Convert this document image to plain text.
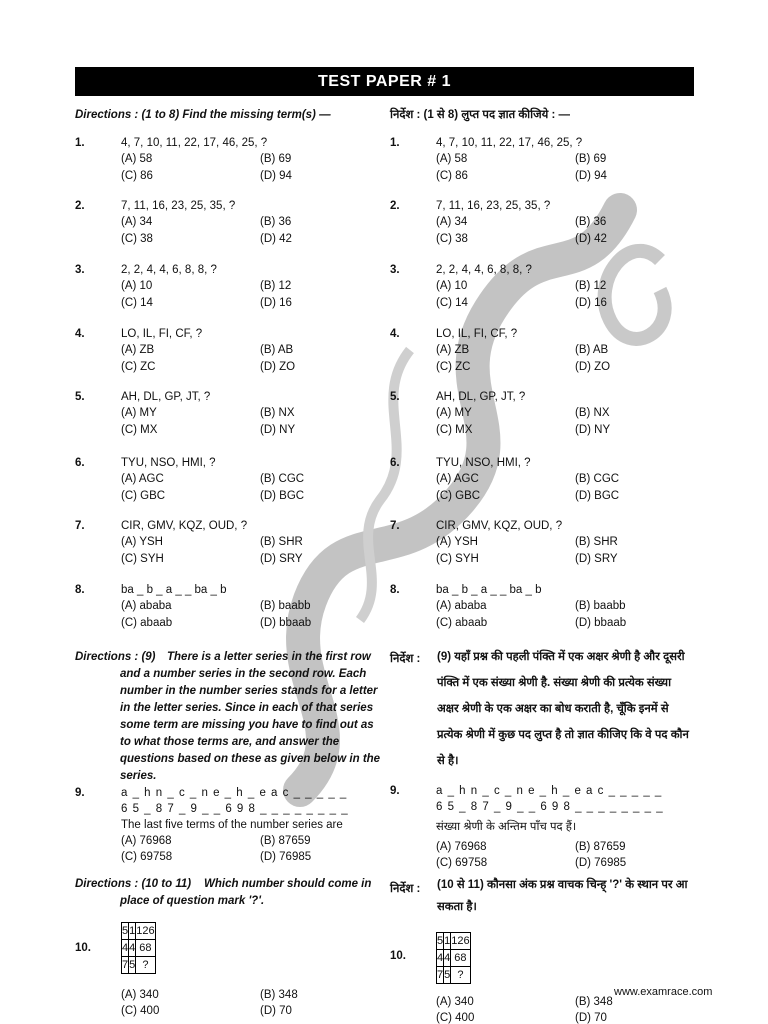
TEST PAPER # 1
Directions : (1 to 8) Find the missing term(s) —
1.	4, 7, 10, 11, 22, 17, 46, 25, ?
(A) 58	(B) 69
(C) 86	(D) 94
2.	7, 11, 16, 23, 25, 35, ?
(A) 34	(B) 36
(C) 38	(D) 42
3.	2, 2, 4, 4, 6, 8, 8, ?
(A) 10	(B) 12
(C) 14	(D) 16
4.	LO, IL, FI, CF, ?
(A) ZB	(B) AB
(C) ZC	(D) ZO
5.	AH, DL, GP, JT, ?
(A) MY	(B) NX
(C) MX	(D) NY
6.	TYU, NSO, HMI, ?
(A) AGC	(B) CGC
(C) GBC	(D) BGC
7.	CIR, GMV, KQZ, OUD, ?
(A) YSH	(B) SHR
(C) SYH	(D) SRY
8.	ba _ b _ a _ _ ba _ b
(A) ababa	(B) baabb
(C) abaab	(D) bbaab
Directions : (9) There is a letter series in the first row and a number series in the second row. Each number in the number series stands for a letter in the letter series. Since in each of that series some term are missing you have to find out as to what those terms are, and answer the questions based on these as given below in the series.
9.	a _ h n _ c _ n e _ h _ e a c _ _ _ _ _
6 5 _ 8 7 _ 9 _ _ 6 9 8 _ _ _ _ _ _ _ _
The last five terms of the number series are
(A) 76968	(B) 87659
(C) 69758	(D) 76985
Directions : (10 to 11)	Which number should come in place of question mark '?'.
10.
5	1	126
4	4	68
7	5	?
(A) 340	(B) 348
(C) 400	(D) 70
निर्देश : (1 से 8) लुप्त पद ज्ञात कीजिये : —
1.	4, 7, 10, 11, 22, 17, 46, 25, ?
(A) 58	(B) 69
(C) 86	(D) 94
2.	7, 11, 16, 23, 25, 35, ?
(A) 34	(B) 36
(C) 38	(D) 42
3.	2, 2, 4, 4, 6, 8, 8, ?
(A) 10	(B) 12
(C) 14	(D) 16
4.	LO, IL, FI, CF, ?
(A) ZB	(B) AB
(C) ZC	(D) ZO
5.	AH, DL, GP, JT, ?
(A) MY	(B) NX
(C) MX	(D) NY
6.	TYU, NSO, HMI, ?
(A) AGC	(B) CGC
(C) GBC	(D) BGC
7.	CIR, GMV, KQZ, OUD, ?
(A) YSH	(B) SHR
(C) SYH	(D) SRY
8.	ba _ b _ a _ _ ba _ b
(A) ababa	(B) baabb
(C) abaab	(D) bbaab
निर्देश : (9) यहाँ प्रश्न की पहली पंक्ति में एक अक्षर श्रेणी है और दूसरी पंक्ति में एक संख्या श्रेणी है. संख्या श्रेणी की प्रत्येक संख्या अक्षर श्रेणी के एक अक्षर का बोध कराती है, चूँकि इनमें से प्रत्येक श्रेणी में कुछ पद लुप्त है तो ज्ञात कीजिए कि वे पद कौन से है।
9.	a _ h n _ c _ n e _ h _ e a c _ _ _ _ _
6 5 _ 8 7 _ 9 _ _ 6 9 8 _ _ _ _ _ _ _ _
संख्या श्रेणी के अन्तिम पाँच पद हैं।
(A) 76968	(B) 87659
(C) 69758	(D) 76985
निर्देश : (10 से 11) कौनसा अंक प्रश्न वाचक चिन्ह् '?' के स्थान पर आ सकता है।
10.
5	1	126
4	4	68
7	5	?
(A) 340	(B) 348
(C) 400	(D) 70
www.examrace.com
